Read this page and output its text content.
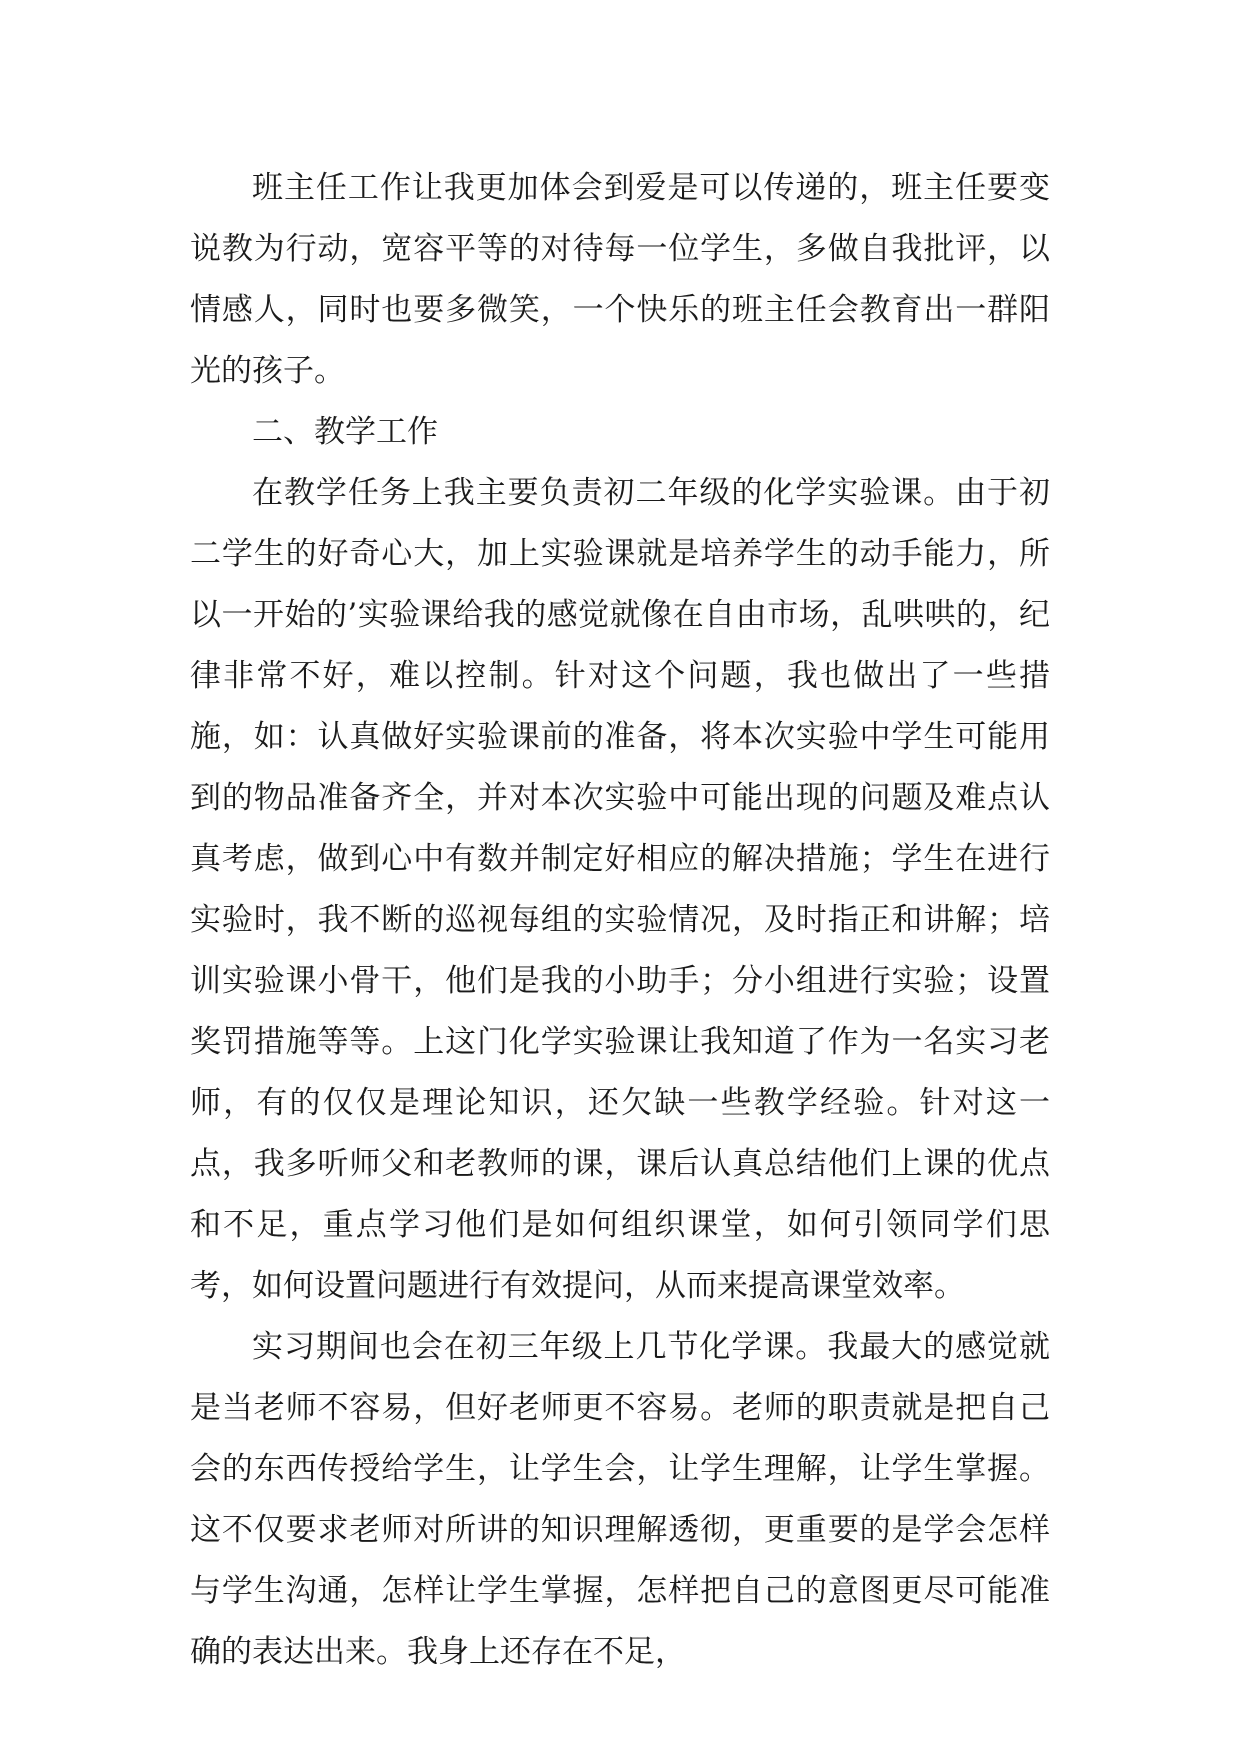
班主任工作让我更加体会到爱是可以传递的，班主任要变说教为行动，宽容平等的对待每一位学生，多做自我批评，以情感人，同时也要多微笑，一个快乐的班主任会教育出一群阳光的孩子。

二、教学工作

在教学任务上我主要负责初二年级的化学实验课。由于初二学生的好奇心大，加上实验课就是培养学生的动手能力，所以一开始的’实验课给我的感觉就像在自由市场，乱哄哄的，纪律非常不好，难以控制。针对这个问题，我也做出了一些措施，如：认真做好实验课前的准备，将本次实验中学生可能用到的物品准备齐全，并对本次实验中可能出现的问题及难点认真考虑，做到心中有数并制定好相应的解决措施；学生在进行实验时，我不断的巡视每组的实验情况，及时指正和讲解；培训实验课小骨干，他们是我的小助手；分小组进行实验；设置奖罚措施等等。上这门化学实验课让我知道了作为一名实习老师，有的仅仅是理论知识，还欠缺一些教学经验。针对这一点，我多听师父和老教师的课，课后认真总结他们上课的优点和不足，重点学习他们是如何组织课堂，如何引领同学们思考，如何设置问题进行有效提问，从而来提高课堂效率。

实习期间也会在初三年级上几节化学课。我最大的感觉就是当老师不容易，但好老师更不容易。老师的职责就是把自己会的东西传授给学生，让学生会，让学生理解，让学生掌握。这不仅要求老师对所讲的知识理解透彻，更重要的是学会怎样与学生沟通，怎样让学生掌握，怎样把自己的意图更尽可能准确的表达出来。我身上还存在不足，
